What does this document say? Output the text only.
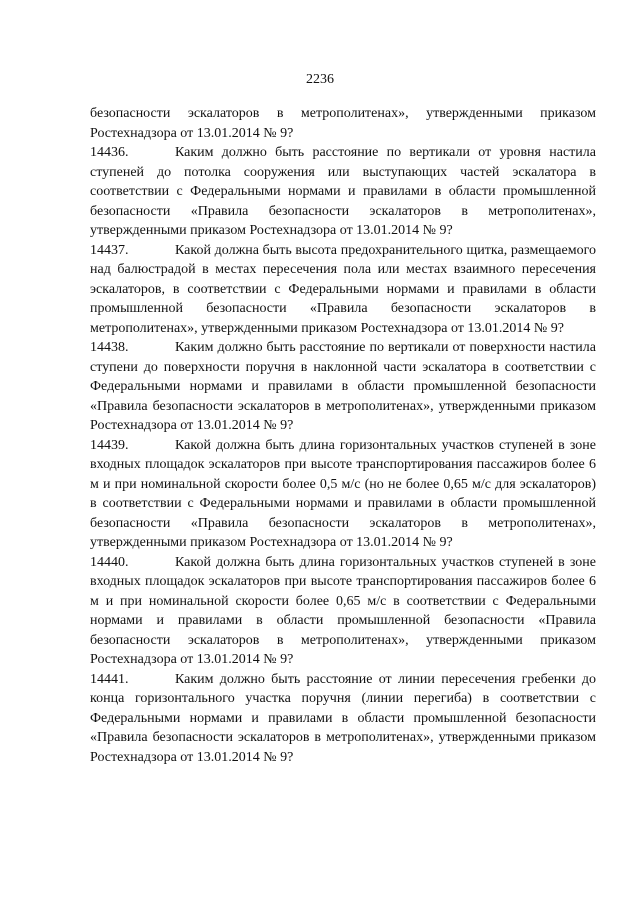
2236

безопасности эскалаторов в метрополитенах», утвержденными приказом Ростехнадзора от 13.01.2014 № 9?

14436.	Каким должно быть расстояние по вертикали от уровня настила ступеней до потолка сооружения или выступающих частей эскалатора в соответствии с Федеральными нормами и правилами в области промышленной безопасности «Правила безопасности эскалаторов в метрополитенах», утвержденными приказом Ростехнадзора от 13.01.2014 № 9?

14437.	Какой должна быть высота предохранительного щитка, размещаемого над балюстрадой в местах пересечения пола или местах взаимного пересечения эскалаторов, в соответствии с Федеральными нормами и правилами в области промышленной безопасности «Правила безопасности эскалаторов в метрополитенах», утвержденными приказом Ростехнадзора от 13.01.2014 № 9?

14438.	Каким должно быть расстояние по вертикали от поверхности настила ступени до поверхности поручня в наклонной части эскалатора в соответствии с Федеральными нормами и правилами в области промышленной безопасности «Правила безопасности эскалаторов в метрополитенах», утвержденными приказом Ростехнадзора от 13.01.2014 № 9?

14439.	Какой должна быть длина горизонтальных участков ступеней в зоне входных площадок эскалаторов при высоте транспортирования пассажиров более 6 м и при номинальной скорости более 0,5 м/с (но не более 0,65 м/с для эскалаторов) в соответствии с Федеральными нормами и правилами в области промышленной безопасности «Правила безопасности эскалаторов в метрополитенах», утвержденными приказом Ростехнадзора от 13.01.2014 № 9?

14440.	Какой должна быть длина горизонтальных участков ступеней в зоне входных площадок эскалаторов при высоте транспортирования пассажиров более 6 м и при номинальной скорости более 0,65 м/с в соответствии с Федеральными нормами и правилами в области промышленной безопасности «Правила безопасности эскалаторов в метрополитенах», утвержденными приказом Ростехнадзора от 13.01.2014 № 9?

14441.	Каким должно быть расстояние от линии пересечения гребенки до конца горизонтального участка поручня (линии перегиба) в соответствии с Федеральными нормами и правилами в области промышленной безопасности «Правила безопасности эскалаторов в метрополитенах», утвержденными приказом Ростехнадзора от 13.01.2014 № 9?
